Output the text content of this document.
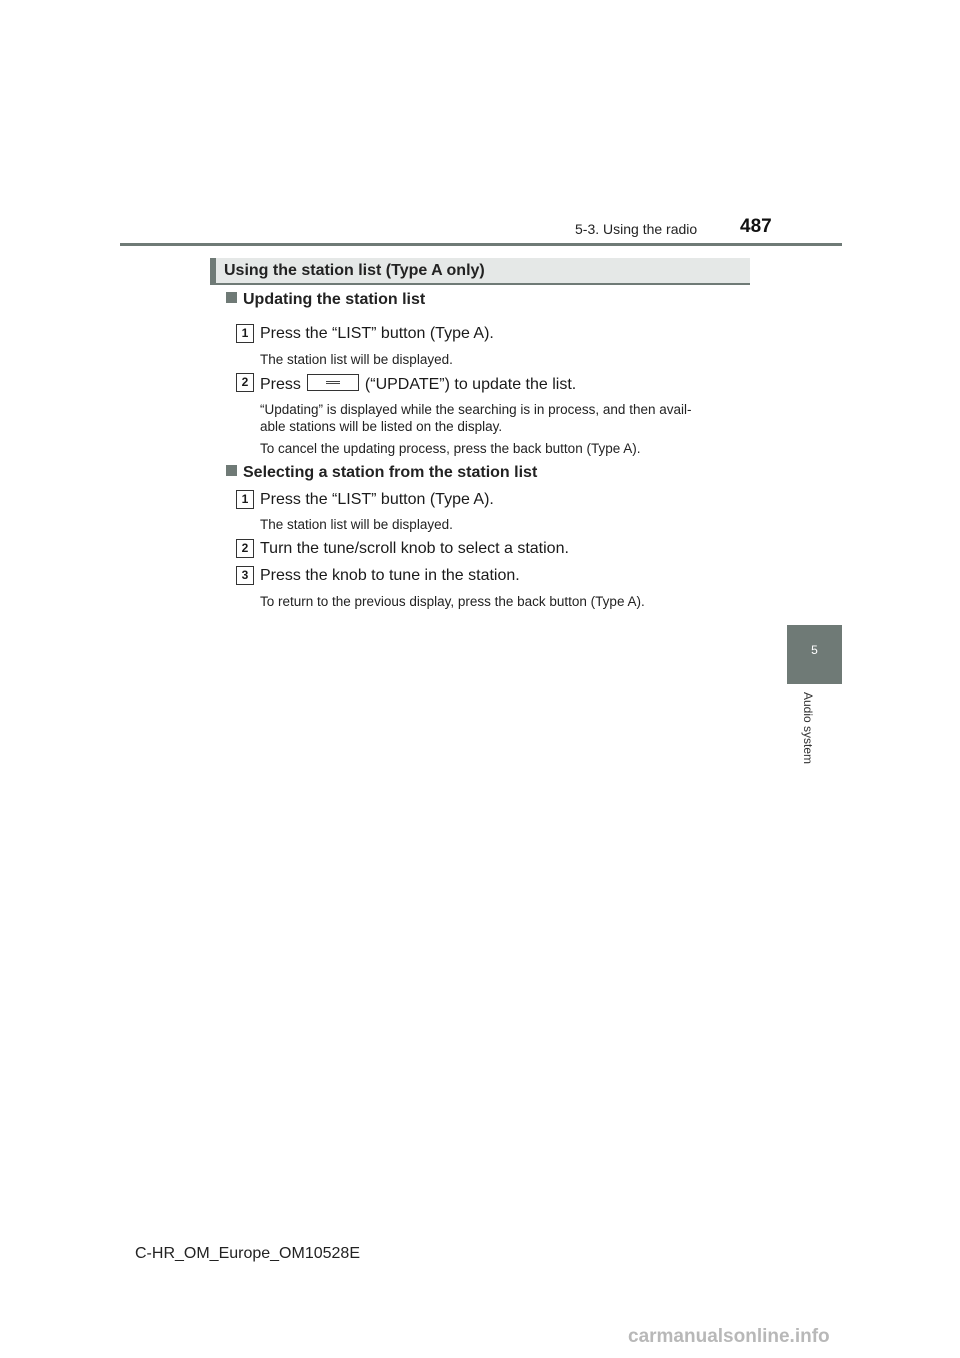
5-3. Using the radio 487
5
Audio system
Using the station list (Type A only)
Updating the station list
1 Press the “LIST” button (Type A).
The station list will be displayed.
2 Press	(“UPDATE”) to update the list.
“Updating” is displayed while the searching is in process, and then avail-
able stations will be listed on the display.
To cancel the updating process, press the back button (Type A).
Selecting a station from the station list
1 Press the “LIST” button (Type A).
The station list will be displayed.
2 Turn the tune/scroll knob to select a station.
3 Press the knob to tune in the station.
To return to the previous display, press the back button (Type A).
C-HR_OM_Europe_OM10528E
carmanualsonline.info
